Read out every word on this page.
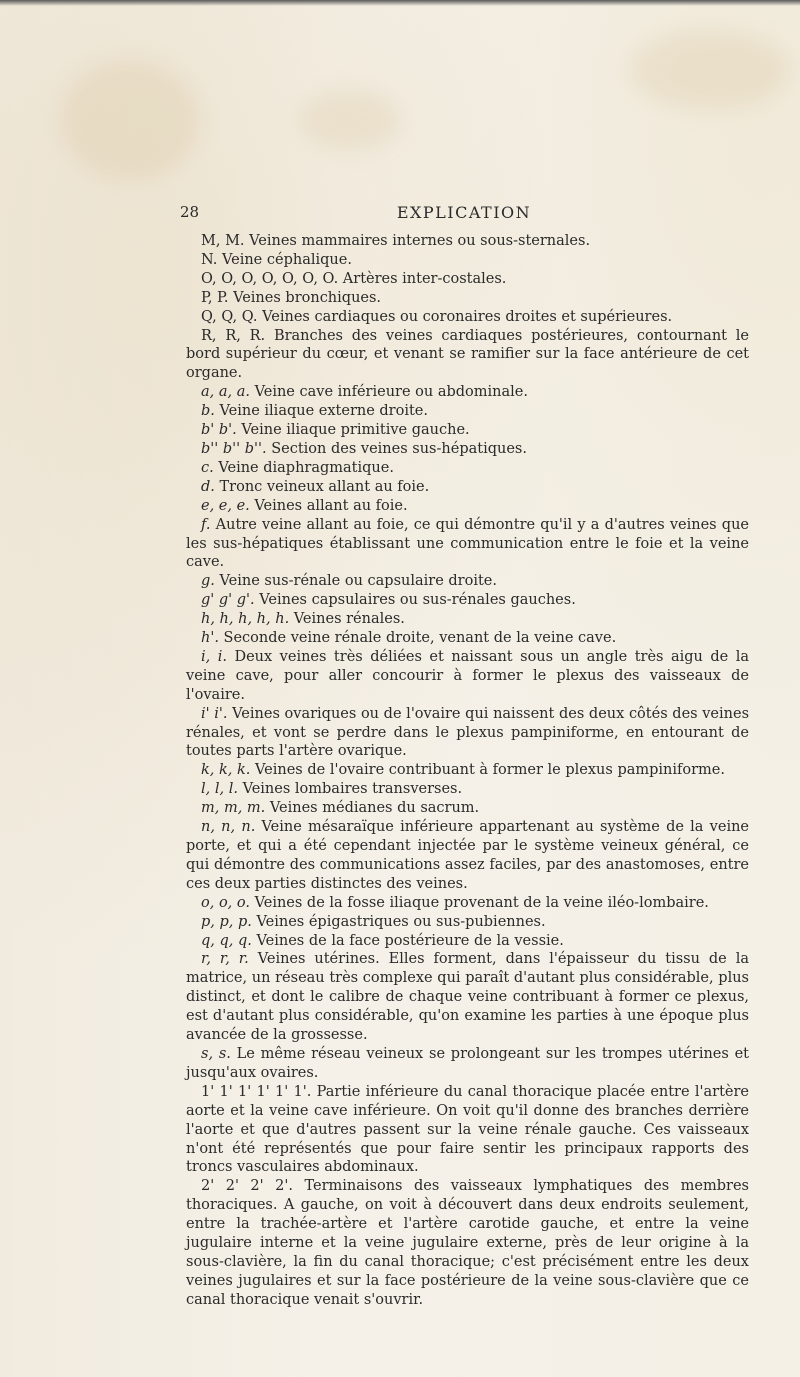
28	EXPLICATION

M, M. Veines mammaires internes ou sous-sternales.

N. Veine céphalique.

O, O, O, O, O, O, O. Artères inter-costales.

P, P. Veines bronchiques.

Q, Q, Q. Veines cardiaques ou coronaires droites et supérieures.

R, R, R. Branches des veines cardiaques postérieures, contournant le bord supérieur du cœur, et venant se ramifier sur la face antérieure de cet organe.

a, a, a. Veine cave inférieure ou abdominale.

b. Veine iliaque externe droite.

b' b'. Veine iliaque primitive gauche.

b'' b'' b''. Section des veines sus-hépatiques.

c. Veine diaphragmatique.

d. Tronc veineux allant au foie.

e, e, e. Veines allant au foie.

f. Autre veine allant au foie, ce qui démontre qu'il y a d'autres veines que les sus-hépatiques établissant une communication entre le foie et la veine cave.

g. Veine sus-rénale ou capsulaire droite.

g' g' g'. Veines capsulaires ou sus-rénales gauches.

h, h, h, h, h. Veines rénales.

h'. Seconde veine rénale droite, venant de la veine cave.

i, i. Deux veines très déliées et naissant sous un angle très aigu de la veine cave, pour aller concourir à former le plexus des vaisseaux de l'ovaire.

i' i'. Veines ovariques ou de l'ovaire qui naissent des deux côtés des veines rénales, et vont se perdre dans le plexus pampiniforme, en entourant de toutes parts l'artère ovarique.

k, k, k. Veines de l'ovaire contribuant à former le plexus pampiniforme.

l, l, l. Veines lombaires transverses.

m, m, m. Veines médianes du sacrum.

n, n, n. Veine mésaraïque inférieure appartenant au système de la veine porte, et qui a été cependant injectée par le système veineux général, ce qui démontre des communications assez faciles, par des anastomoses, entre ces deux parties distinctes des veines.

o, o, o. Veines de la fosse iliaque provenant de la veine iléo-lombaire.

p, p, p. Veines épigastriques ou sus-pubiennes.

q, q, q. Veines de la face postérieure de la vessie.

r, r, r. Veines utérines. Elles forment, dans l'épaisseur du tissu de la matrice, un réseau très complexe qui paraît d'autant plus considérable, plus distinct, et dont le calibre de chaque veine contribuant à former ce plexus, est d'autant plus considérable, qu'on examine les parties à une époque plus avancée de la grossesse.

s, s. Le même réseau veineux se prolongeant sur les trompes utérines et jusqu'aux ovaires.

1' 1' 1' 1' 1' 1'. Partie inférieure du canal thoracique placée entre l'artère aorte et la veine cave inférieure. On voit qu'il donne des branches derrière l'aorte et que d'autres passent sur la veine rénale gauche. Ces vaisseaux n'ont été représentés que pour faire sentir les principaux rapports des troncs vasculaires abdominaux.

2' 2' 2' 2'. Terminaisons des vaisseaux lymphatiques des membres thoraciques. A gauche, on voit à découvert dans deux endroits seulement, entre la trachée-artère et l'artère carotide gauche, et entre la veine jugulaire interne et la veine jugulaire externe, près de leur origine à la sous-clavière, la fin du canal thoracique; c'est précisément entre les deux veines jugulaires et sur la face postérieure de la veine sous-clavière que ce canal thoracique venait s'ouvrir.
